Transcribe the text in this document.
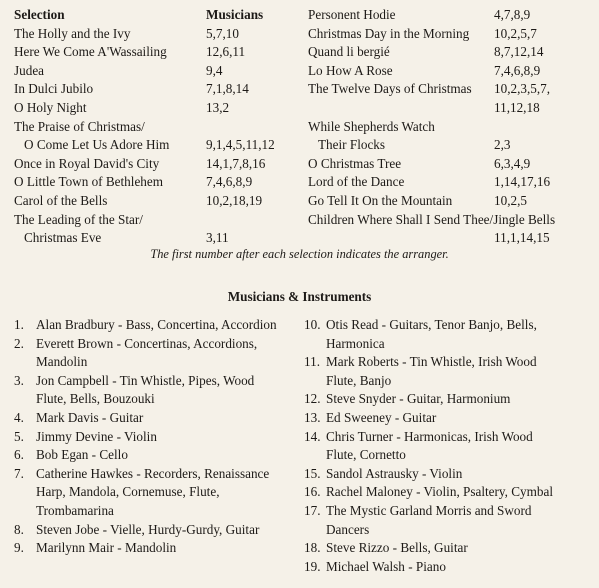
Selection	Musicians
The Holly and the Ivy	5,7,10
Here We Come A'Wassailing	12,6,11
Judea	9,4
In Dulci Jubilo	7,1,8,14
O Holy Night	13,2
The Praise of Christmas/
O Come Let Us Adore Him	9,1,4,5,11,12
Once in Royal David's City	14,1,7,8,16
O Little Town of Bethlehem	7,4,6,8,9
Carol of the Bells	10,2,18,19
The Leading of the Star/
Christmas Eve	3,11
Personent Hodie	4,7,8,9
Christmas Day in the Morning 10,2,5,7
Quand li bergié	8,7,12,14
Lo How A Rose	7,4,6,8,9
The Twelve Days of Christmas 10,2,3,5,7,
11,12,18
While Shepherds Watch
Their Flocks	2,3
O Christmas Tree	6,3,4,9
Lord of the Dance	1,14,17,16
Go Tell It On the Mountain	10,2,5
Children Where Shall I Send Thee/Jingle Bells
11,1,14,15
The first number after each selection indicates the arranger.
Musicians & Instruments
1. Alan Bradbury - Bass, Concertina, Accordion
2. Everett Brown - Concertinas, Accordions,
Mandolin
3. Jon Campbell - Tin Whistle, Pipes, Wood
Flute, Bells, Bouzouki
4. Mark Davis - Guitar
5. Jimmy Devine - Violin
6. Bob Egan - Cello
7. Catherine Hawkes - Recorders, Renaissance
Harp, Mandola, Cornemuse, Flute,
Trombamarina
8. Steven Jobe - Vielle, Hurdy-Gurdy, Guitar
9. Marilynn Mair - Mandolin
10. Otis Read - Guitars, Tenor Banjo, Bells,
Harmonica
11. Mark Roberts - Tin Whistle, Irish Wood
Flute, Banjo
12. Steve Snyder - Guitar, Harmonium
13. Ed Sweeney - Guitar
14. Chris Turner - Harmonicas, Irish Wood
Flute, Cornetto
15. Sandol Astrausky - Violin
16. Rachel Maloney - Violin, Psaltery, Cymbal
17. The Mystic Garland Morris and Sword
Dancers
18. Steve Rizzo - Bells, Guitar
19. Michael Walsh - Piano
